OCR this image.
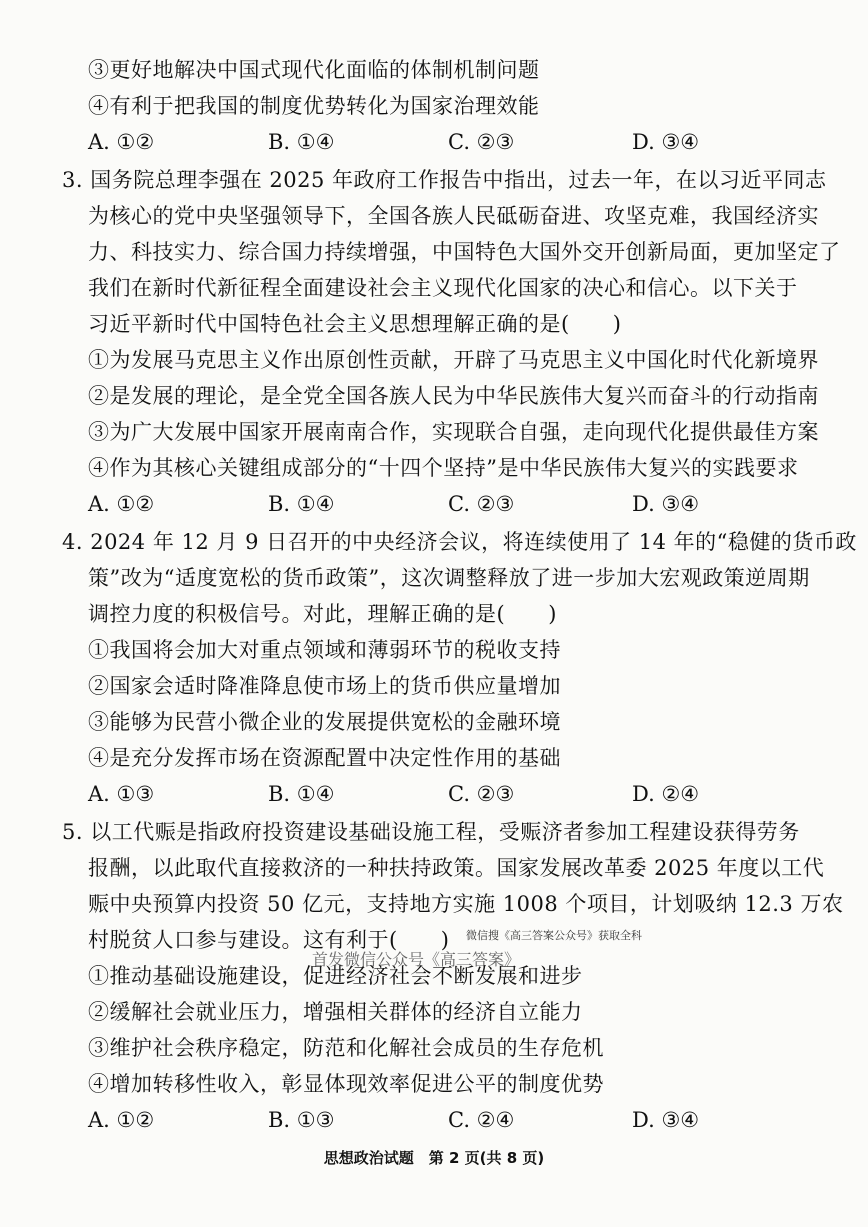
③更好地解决中国式现代化面临的体制机制问题
④有利于把我国的制度优势转化为国家治理效能
A. ①②	B. ①④	C. ②③	D. ③④
3. 国务院总理李强在 2025 年政府工作报告中指出，过去一年，在以习近平同志
为核心的党中央坚强领导下，全国各族人民砥砺奋进、攻坚克难，我国经济实
力、科技实力、综合国力持续增强，中国特色大国外交开创新局面，更加坚定了
我们在新时代新征程全面建设社会主义现代化国家的决心和信心。以下关于
习近平新时代中国特色社会主义思想理解正确的是(　　)
①为发展马克思主义作出原创性贡献，开辟了马克思主义中国化时代化新境界
②是发展的理论，是全党全国各族人民为中华民族伟大复兴而奋斗的行动指南
③为广大发展中国家开展南南合作，实现联合自强，走向现代化提供最佳方案
④作为其核心关键组成部分的“十四个坚持”是中华民族伟大复兴的实践要求
A. ①②	B. ①④	C. ②③	D. ③④
4. 2024 年 12 月 9 日召开的中央经济会议，将连续使用了 14 年的“稳健的货币政
策”改为“适度宽松的货币政策”，这次调整释放了进一步加大宏观政策逆周期
调控力度的积极信号。对此，理解正确的是(　　)
①我国将会加大对重点领域和薄弱环节的税收支持
②国家会适时降准降息使市场上的货币供应量增加
③能够为民营小微企业的发展提供宽松的金融环境
④是充分发挥市场在资源配置中决定性作用的基础
A. ①③	B. ①④	C. ②③	D. ②④
5. 以工代赈是指政府投资建设基础设施工程，受赈济者参加工程建设获得劳务
报酬，以此取代直接救济的一种扶持政策。国家发展改革委 2025 年度以工代
赈中央预算内投资 50 亿元，支持地方实施 1008 个项目，计划吸纳 12.3 万农
村脱贫人口参与建设。这有利于(　　) 微信搜《高三答案公众号》获取全科
首发微信公众号《高三答案》
①推动基础设施建设，促进经济社会不断发展和进步
②缓解社会就业压力，增强相关群体的经济自立能力
③维护社会秩序稳定，防范和化解社会成员的生存危机
④增加转移性收入，彰显体现效率促进公平的制度优势
A. ①②	B. ①③	C. ②④	D. ③④
思想政治试题　第 2 页(共 8 页)
